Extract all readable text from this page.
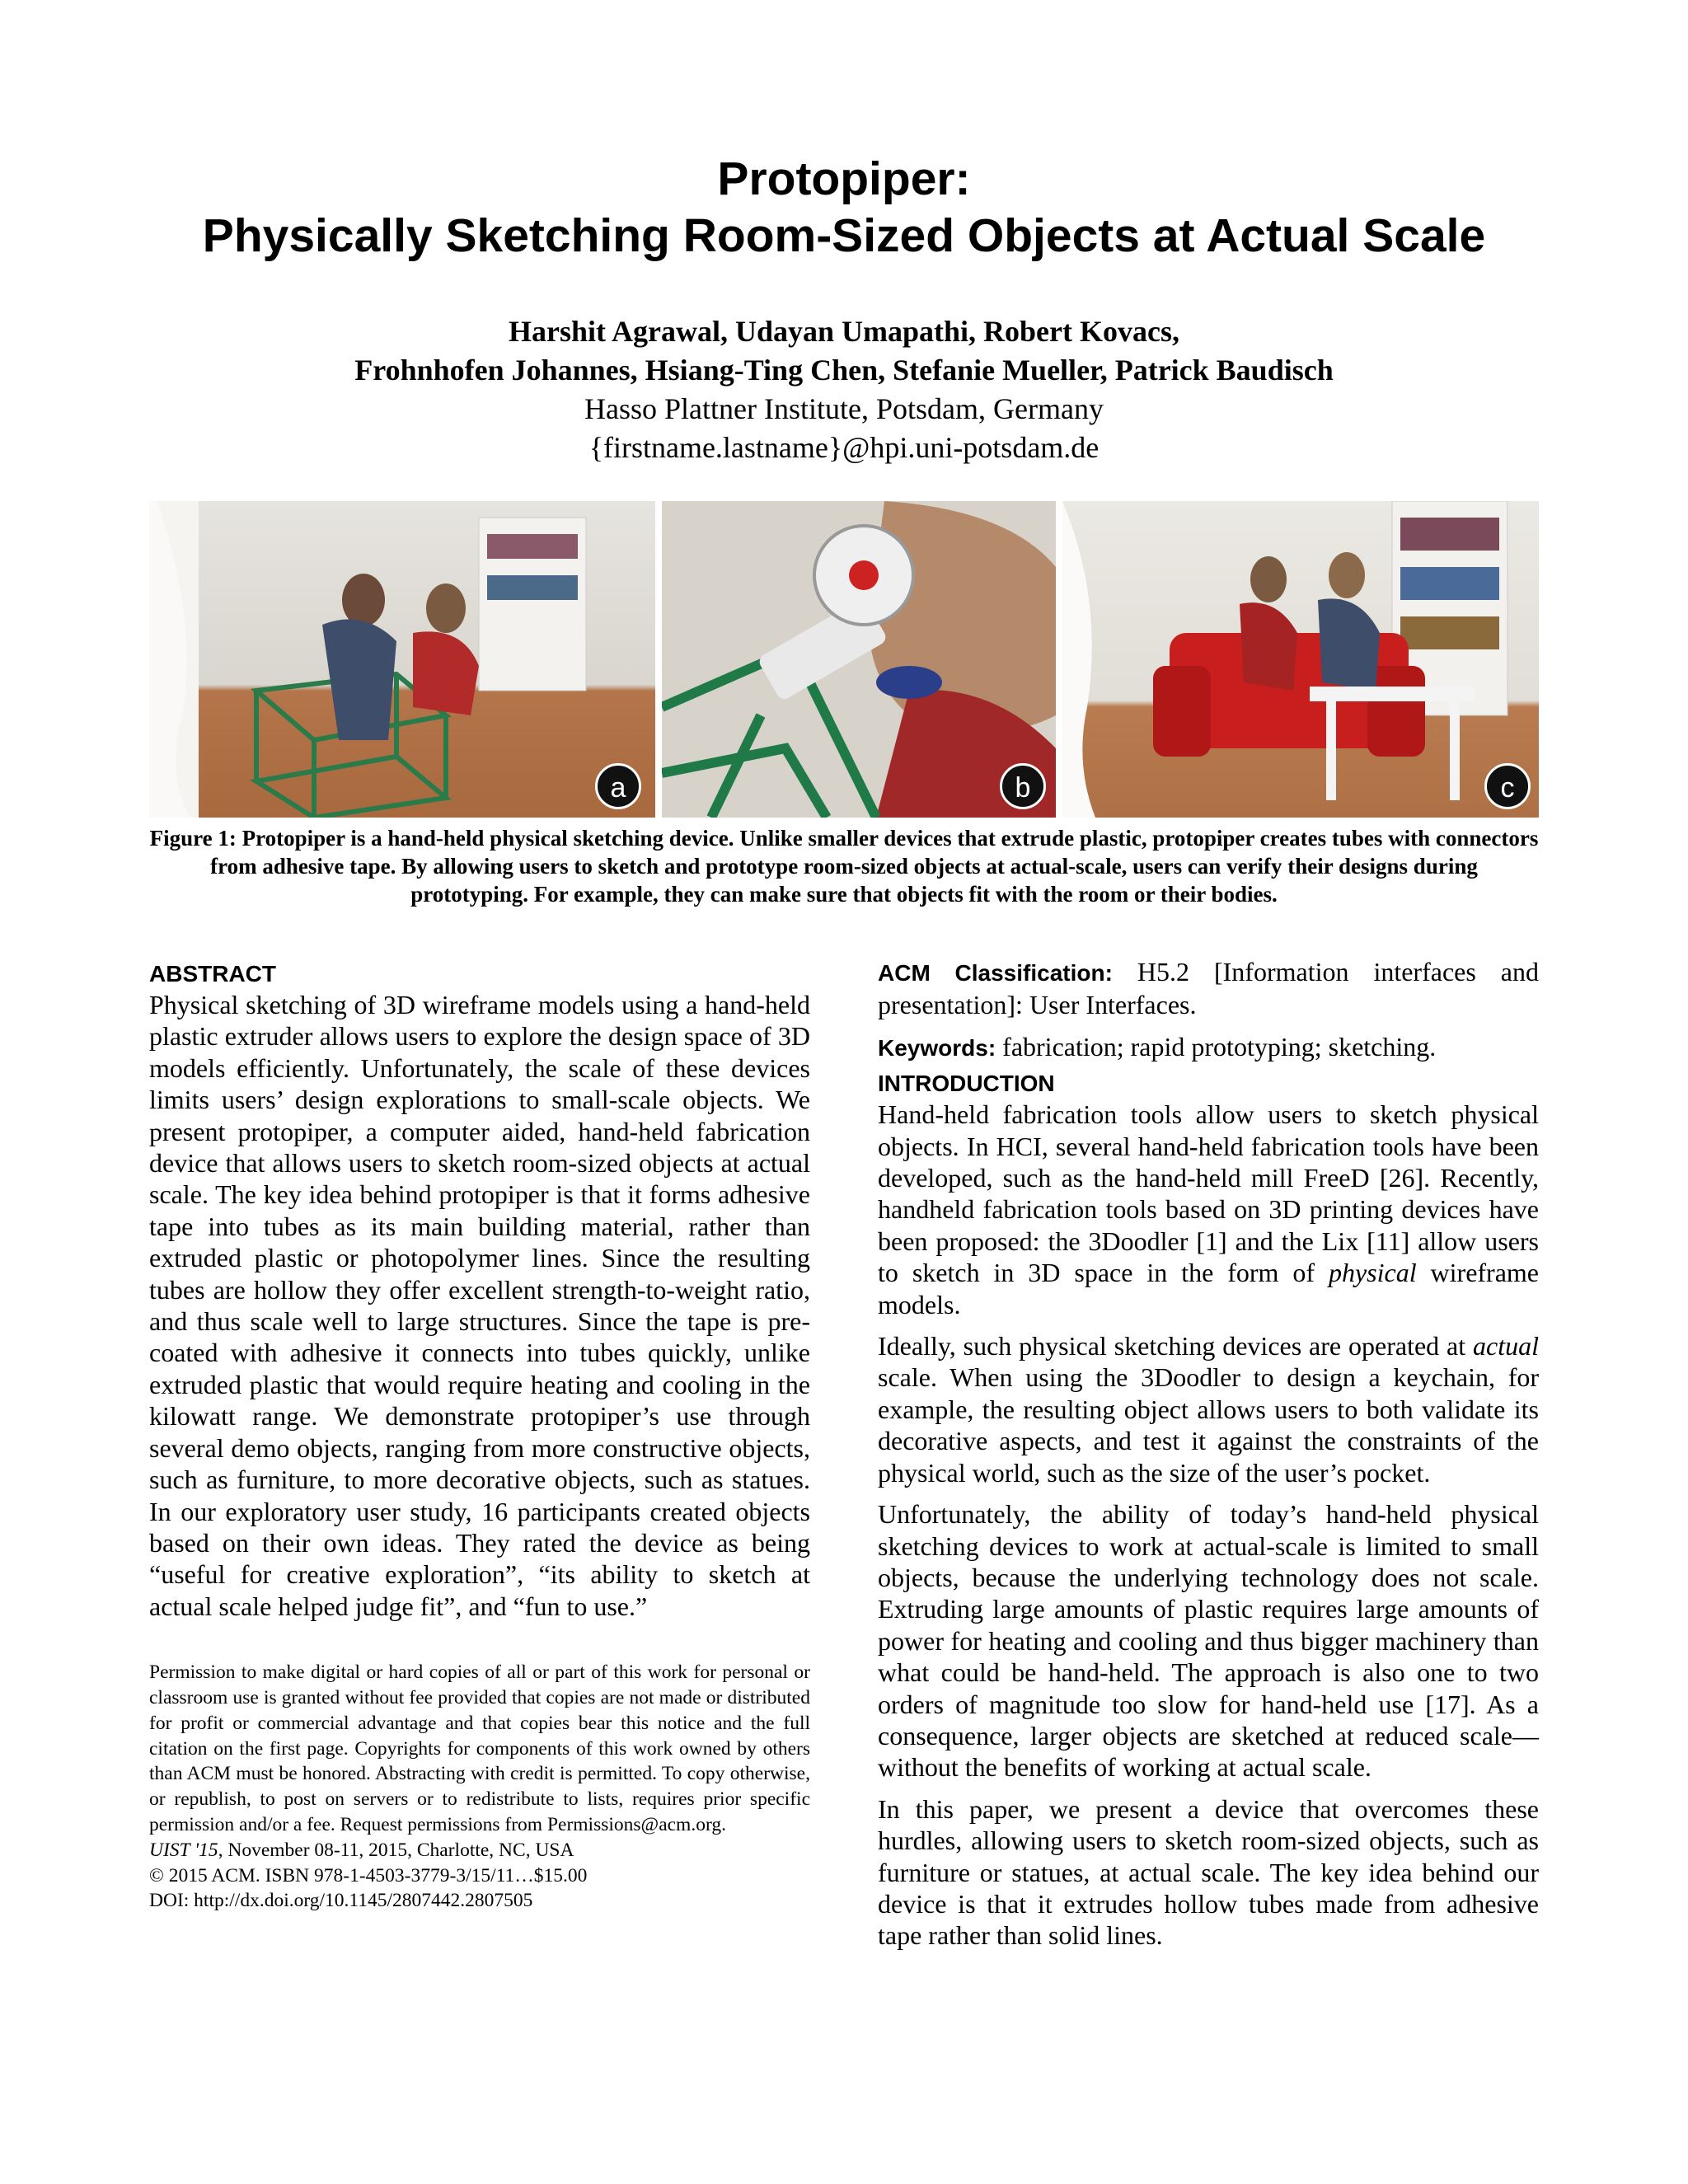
Protopiper:
Physically Sketching Room-Sized Objects at Actual Scale
Harshit Agrawal, Udayan Umapathi, Robert Kovacs,
Frohnhofen Johannes, Hsiang-Ting Chen, Stefanie Mueller, Patrick Baudisch
Hasso Plattner Institute, Potsdam, Germany
{firstname.lastname}@hpi.uni-potsdam.de
a	b	c
Figure 1: Protopiper is a hand-held physical sketching device. Unlike smaller devices that extrude plastic, protopiper creates tubes with connectors from adhesive tape. By allowing users to sketch and prototype room-sized objects at actual-scale, users can verify their designs during prototyping. For example, they can make sure that objects fit with the room or their bodies.
ABSTRACT
Physical sketching of 3D wireframe models using a hand-held plastic extruder allows users to explore the design space of 3D models efficiently. Unfortunately, the scale of these devices limits users’ design explorations to small-scale objects. We present protopiper, a computer aided, hand-held fabrication device that allows users to sketch room-sized objects at actual scale. The key idea behind protopiper is that it forms adhesive tape into tubes as its main building material, rather than extruded plastic or photopolymer lines. Since the resulting tubes are hollow they offer excellent strength-to-weight ratio, and thus scale well to large structures. Since the tape is pre-coated with adhesive it connects into tubes quickly, unlike extruded plastic that would require heating and cooling in the kilowatt range. We demonstrate protopiper’s use through several demo objects, ranging from more constructive objects, such as furniture, to more decorative objects, such as statues. In our exploratory user study, 16 participants created objects based on their own ideas. They rated the device as being “useful for creative exploration”, “its ability to sketch at actual scale helped judge fit”, and “fun to use.”
Permission to make digital or hard copies of all or part of this work for personal or classroom use is granted without fee provided that copies are not made or distributed for profit or commercial advantage and that copies bear this notice and the full citation on the first page. Copyrights for components of this work owned by others than ACM must be honored. Abstracting with credit is permitted. To copy otherwise, or republish, to post on servers or to redistribute to lists, requires prior specific permission and/or a fee. Request permissions from Permissions@acm.org.
UIST '15, November 08-11, 2015, Charlotte, NC, USA
© 2015 ACM. ISBN 978-1-4503-3779-3/15/11…$15.00
DOI: http://dx.doi.org/10.1145/2807442.2807505
ACM Classification: H5.2 [Information interfaces and presentation]: User Interfaces.
Keywords: fabrication; rapid prototyping; sketching.
INTRODUCTION
Hand-held fabrication tools allow users to sketch physical objects. In HCI, several hand-held fabrication tools have been developed, such as the hand-held mill FreeD [26]. Recently, handheld fabrication tools based on 3D printing devices have been proposed: the 3Doodler [1] and the Lix [11] allow users to sketch in 3D space in the form of physical wireframe models.
Ideally, such physical sketching devices are operated at actual scale. When using the 3Doodler to design a keychain, for example, the resulting object allows users to both validate its decorative aspects, and test it against the constraints of the physical world, such as the size of the user’s pocket.
Unfortunately, the ability of today’s hand-held physical sketching devices to work at actual-scale is limited to small objects, because the underlying technology does not scale. Extruding large amounts of plastic requires large amounts of power for heating and cooling and thus bigger machinery than what could be hand-held. The approach is also one to two orders of magnitude too slow for hand-held use [17]. As a consequence, larger objects are sketched at reduced scale—without the benefits of working at actual scale.
In this paper, we present a device that overcomes these hurdles, allowing users to sketch room-sized objects, such as furniture or statues, at actual scale. The key idea behind our device is that it extrudes hollow tubes made from adhesive tape rather than solid lines.
